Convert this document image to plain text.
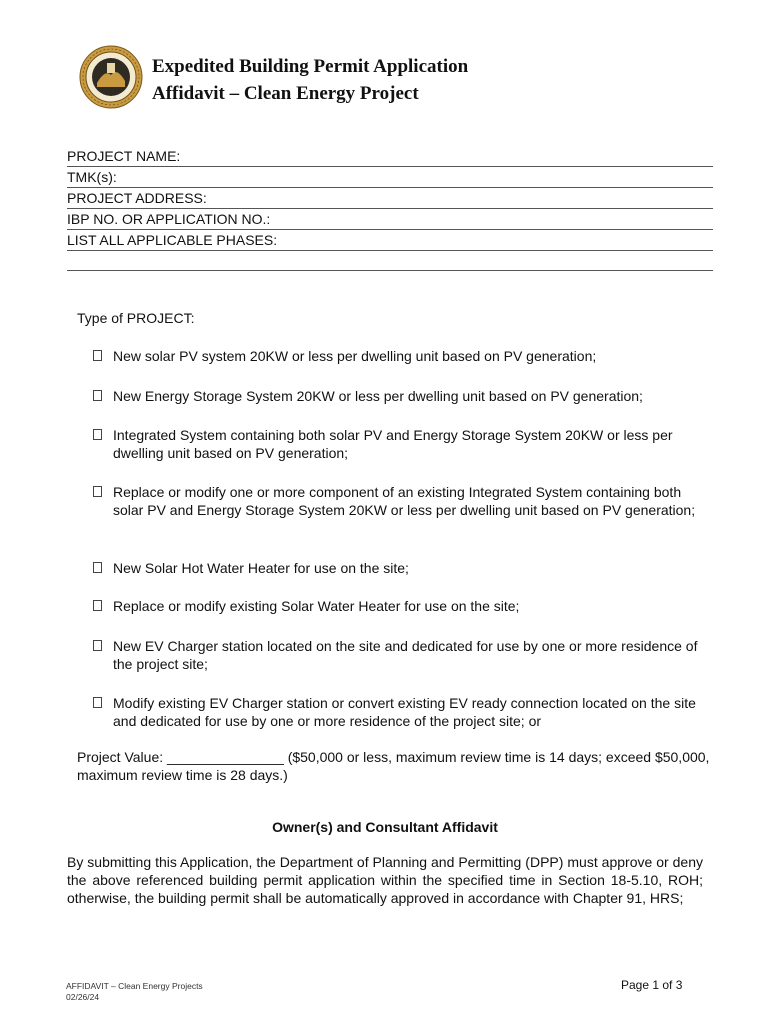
Expedited Building Permit Application
Affidavit – Clean Energy Project
PROJECT NAME:
TMK(s):
PROJECT ADDRESS:
IBP NO. OR APPLICATION NO.:
LIST ALL APPLICABLE PHASES:
Type of PROJECT:
New solar PV system 20KW or less per dwelling unit based on PV generation;
New Energy Storage System 20KW or less per dwelling unit based on PV generation;
Integrated System containing both solar PV and Energy Storage System 20KW or less per dwelling unit based on PV generation;
Replace or modify one or more component of an existing Integrated System containing both solar PV and Energy Storage System 20KW or less per dwelling unit based on PV generation;
New Solar Hot Water Heater for use on the site;
Replace or modify existing Solar Water Heater for use on the site;
New EV Charger station located on the site and dedicated for use by one or more residence of the project site;
Modify existing EV Charger station or convert existing EV ready connection located on the site and dedicated for use by one or more residence of the project site; or
Project Value: _______________ ($50,000 or less, maximum review time is 14 days; exceed $50,000, maximum review time is 28 days.)
Owner(s) and Consultant Affidavit
By submitting this Application, the Department of Planning and Permitting (DPP) must approve or deny the above referenced building permit application within the specified time in Section 18-5.10, ROH; otherwise, the building permit shall be automatically approved in accordance with Chapter 91, HRS;
AFFIDAVIT – Clean Energy Projects
02/26/24
Page 1 of 3
